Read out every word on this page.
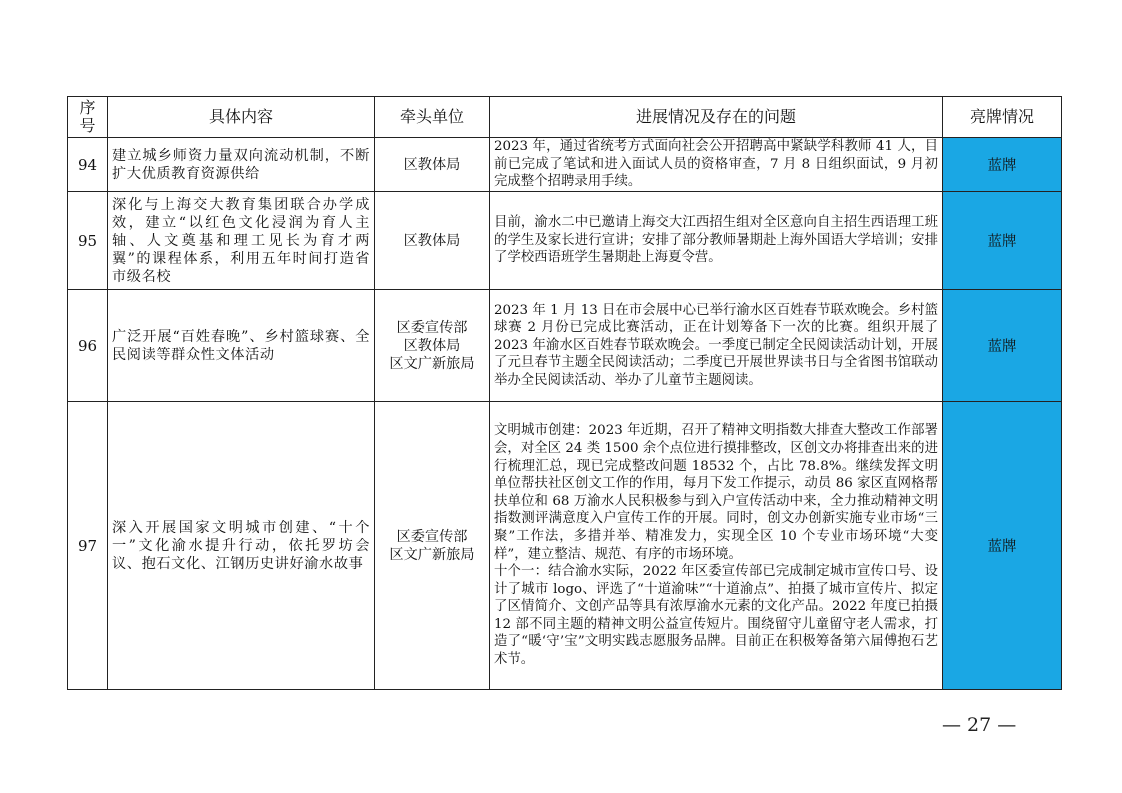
序号	具体内容	牵头单位	进展情况及存在的问题	亮牌情况
94	建立城乡师资力量双向流动机制，不断扩大优质教育资源供给	区教体局	2023 年，通过省统考方式面向社会公开招聘高中紧缺学科教师 41 人，目前已完成了笔试和进入面试人员的资格审查，7 月 8 日组织面试，9 月初完成整个招聘录用手续。	蓝牌
95	深化与上海交大教育集团联合办学成效，建立“以红色文化浸润为育人主轴、人文奠基和理工见长为育才两翼”的课程体系，利用五年时间打造省市级名校	区教体局	目前，渝水二中已邀请上海交大江西招生组对全区意向自主招生西语理工班的学生及家长进行宣讲；安排了部分教师暑期赴上海外国语大学培训；安排了学校西语班学生暑期赴上海夏令营。	蓝牌
96	广泛开展“百姓春晚”、乡村篮球赛、全民阅读等群众性文体活动	区委宣传部
区教体局
区文广新旅局	2023 年 1 月 13 日在市会展中心已举行渝水区百姓春节联欢晚会。乡村篮球赛 2 月份已完成比赛活动，正在计划筹备下一次的比赛。组织开展了 2023 年渝水区百姓春节联欢晚会。一季度已制定全民阅读活动计划，开展了元旦春节主题全民阅读活动；二季度已开展世界读书日与全省图书馆联动举办全民阅读活动、举办了儿童节主题阅读。	蓝牌
97	深入开展国家文明城市创建、“十个一”文化渝水提升行动，依托罗坊会议、抱石文化、江钢历史讲好渝水故事	区委宣传部
区文广新旅局	文明城市创建：2023 年近期，召开了精神文明指数大排查大整改工作部署会，对全区 24 类 1500 余个点位进行摸排整改，区创文办将排查出来的进行梳理汇总，现已完成整改问题 18532 个，占比 78.8%。继续发挥文明单位帮扶社区创文工作的作用，每月下发工作提示，动员 86 家区直网格帮扶单位和 68 万渝水人民积极参与到入户宣传活动中来，全力推动精神文明指数测评满意度入户宣传工作的开展。同时，创文办创新实施专业市场“三聚”工作法，多措并举、精准发力，实现全区 10 个专业市场环境“大变样”，建立整洁、规范、有序的市场环境。
十个一：结合渝水实际，2022 年区委宣传部已完成制定城市宣传口号、设计了城市 logo、评选了“十道渝味”“十道渝点”、拍摄了城市宣传片、拟定了区情简介、文创产品等具有浓厚渝水元素的文化产品。2022 年度已拍摄 12 部不同主题的精神文明公益宣传短片。围绕留守儿童留守老人需求，打造了“暖‘守’宝”文明实践志愿服务品牌。目前正在积极筹备第六届傅抱石艺术节。	蓝牌
— 27 —
